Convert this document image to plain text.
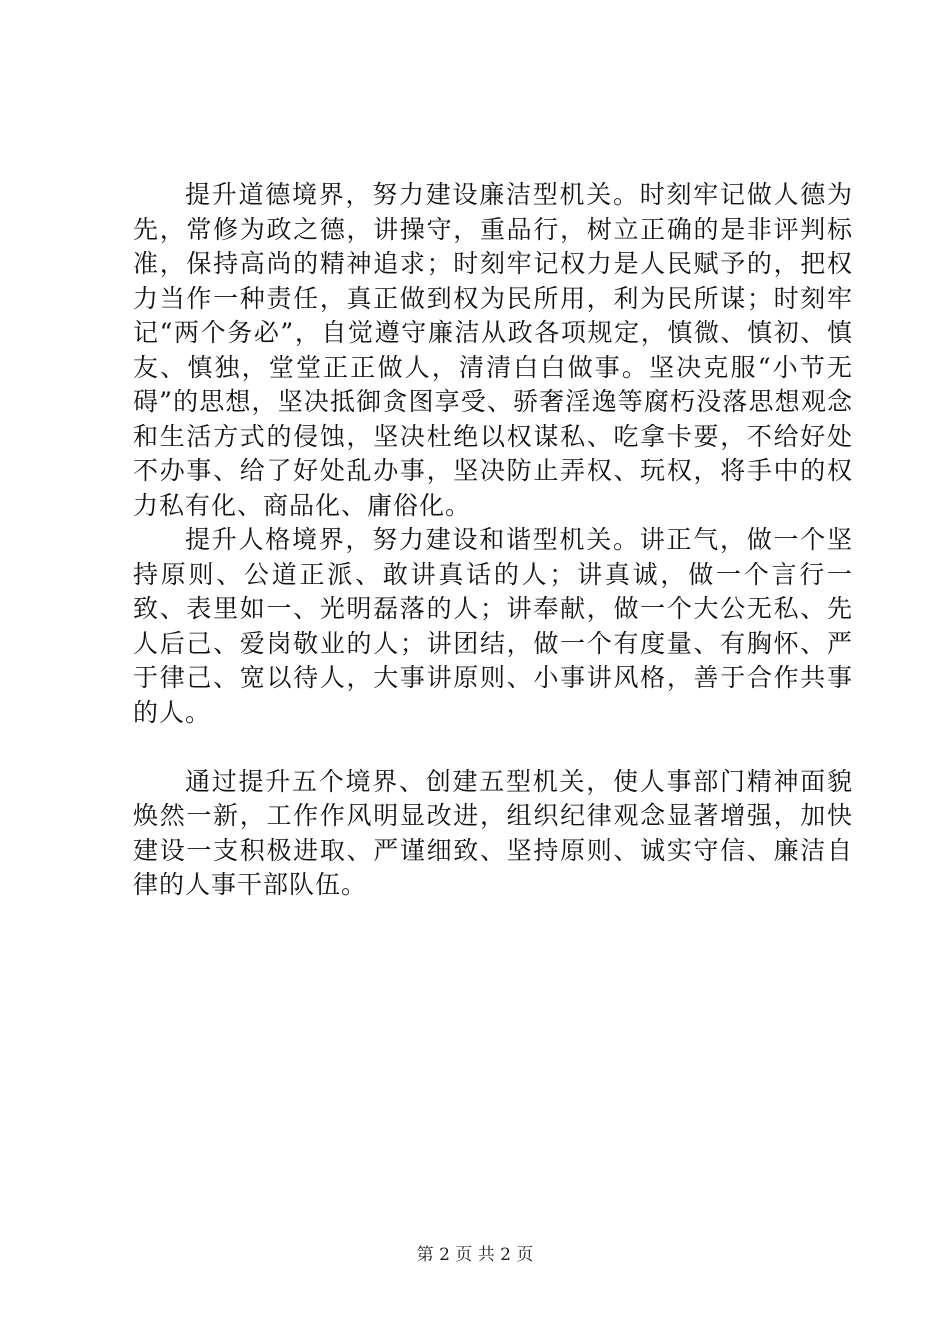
提升道德境界，努力建设廉洁型机关。时刻牢记做人德为先，常修为政之德，讲操守，重品行，树立正确的是非评判标准，保持高尚的精神追求；时刻牢记权力是人民赋予的，把权力当作一种责任，真正做到权为民所用，利为民所谋；时刻牢记“两个务必”，自觉遵守廉洁从政各项规定，慎微、慎初、慎友、慎独，堂堂正正做人，清清白白做事。坚决克服“小节无碍”的思想，坚决抵御贪图享受、骄奢淫逸等腐朽没落思想观念和生活方式的侵蚀，坚决杜绝以权谋私、吃拿卡要，不给好处不办事、给了好处乱办事，坚决防止弄权、玩权，将手中的权力私有化、商品化、庸俗化。

提升人格境界，努力建设和谐型机关。讲正气，做一个坚持原则、公道正派、敢讲真话的人；讲真诚，做一个言行一致、表里如一、光明磊落的人；讲奉献，做一个大公无私、先人后己、爱岗敬业的人；讲团结，做一个有度量、有胸怀、严于律己、宽以待人，大事讲原则、小事讲风格，善于合作共事的人。

通过提升五个境界、创建五型机关，使人事部门精神面貌焕然一新，工作作风明显改进，组织纪律观念显著增强，加快建设一支积极进取、严谨细致、坚持原则、诚实守信、廉洁自律的人事干部队伍。

第 2 页 共 2 页
